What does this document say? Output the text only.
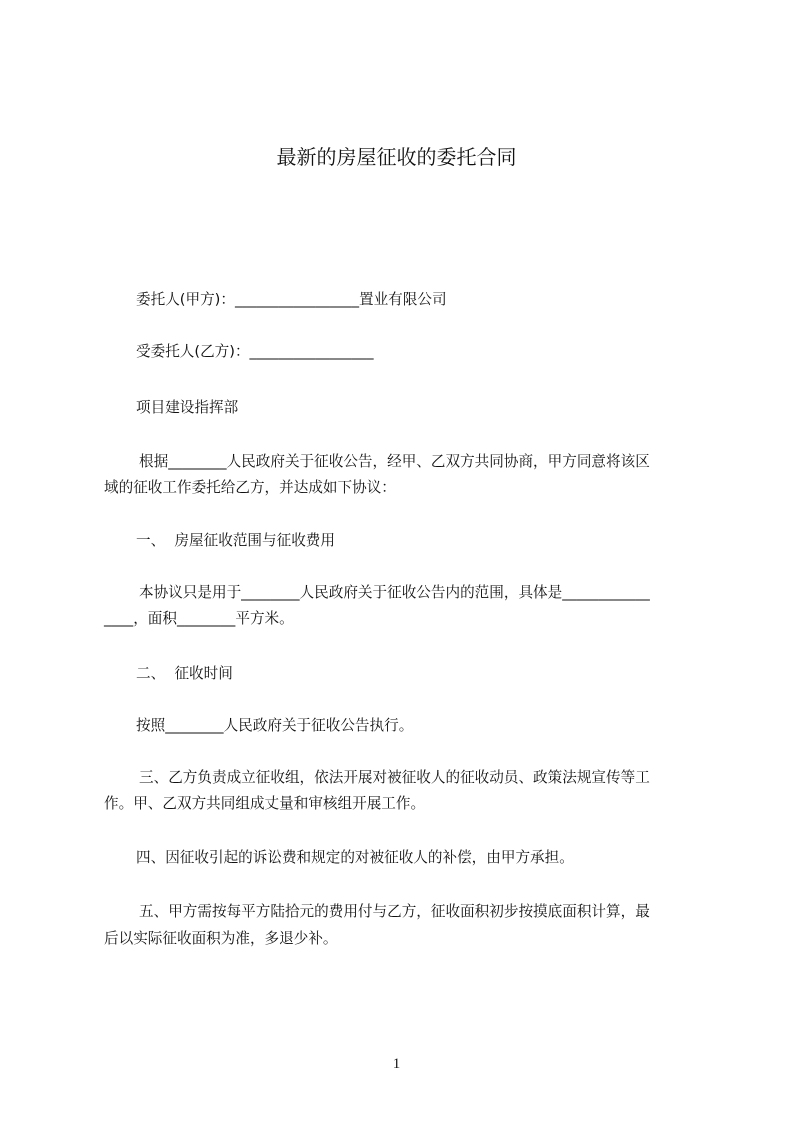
最新的房屋征收的委托合同
委托人(甲方)：_________________置业有限公司
受委托人(乙方)：_________________
项目建设指挥部
根据________人民政府关于征收公告，经甲、乙双方共同协商，甲方同意将该区
域的征收工作委托给乙方，并达成如下协议：
一、  房屋征收范围与征收费用
本协议只是用于________人民政府关于征收公告内的范围，具体是____________
____，面积________平方米。
二、  征收时间
按照________人民政府关于征收公告执行。
三、乙方负责成立征收组，依法开展对被征收人的征收动员、政策法规宣传等工
作。甲、乙双方共同组成丈量和审核组开展工作。
四、因征收引起的诉讼费和规定的对被征收人的补偿，由甲方承担。
五、甲方需按每平方陆拾元的费用付与乙方，征收面积初步按摸底面积计算，最
后以实际征收面积为准，多退少补。
1
